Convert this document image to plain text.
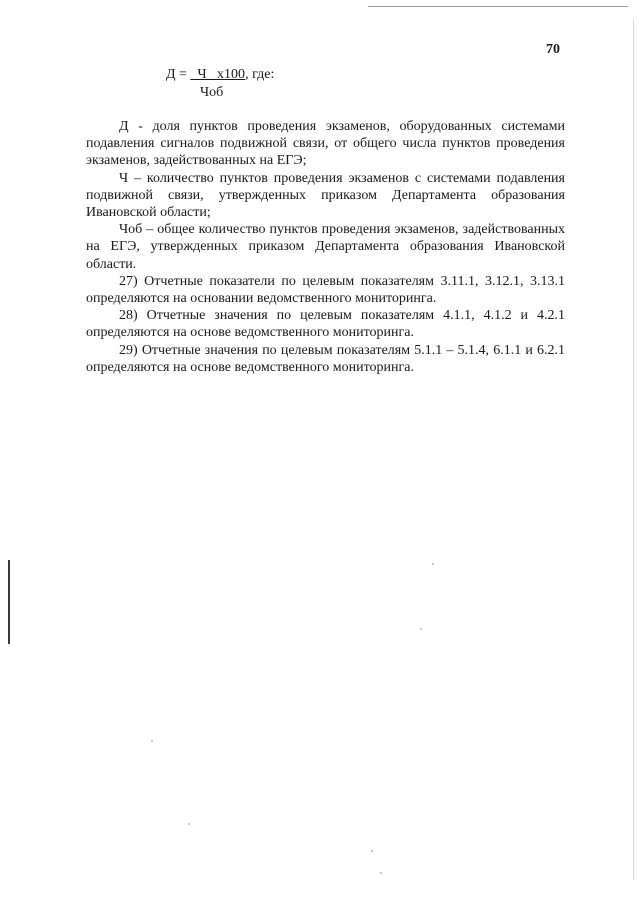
70
Д = _Ч_ x100, где:
Чоб

Д - доля пунктов проведения экзаменов, оборудованных системами подавления сигналов подвижной связи, от общего числа пунктов проведения экзаменов, задействованных на ЕГЭ;

Ч – количество пунктов проведения экзаменов с системами подавления подвижной связи, утвержденных приказом Департамента образования Ивановской области;

Чоб – общее количество пунктов проведения экзаменов, задействованных на ЕГЭ, утвержденных приказом Департамента образования Ивановской области.

27) Отчетные показатели по целевым показателям 3.11.1, 3.12.1, 3.13.1 определяются на основании ведомственного мониторинга.

28) Отчетные значения по целевым показателям 4.1.1, 4.1.2 и 4.2.1 определяются на основе ведомственного мониторинга.

29) Отчетные значения по целевым показателям 5.1.1 – 5.1.4, 6.1.1 и 6.2.1 определяются на основе ведомственного мониторинга.
